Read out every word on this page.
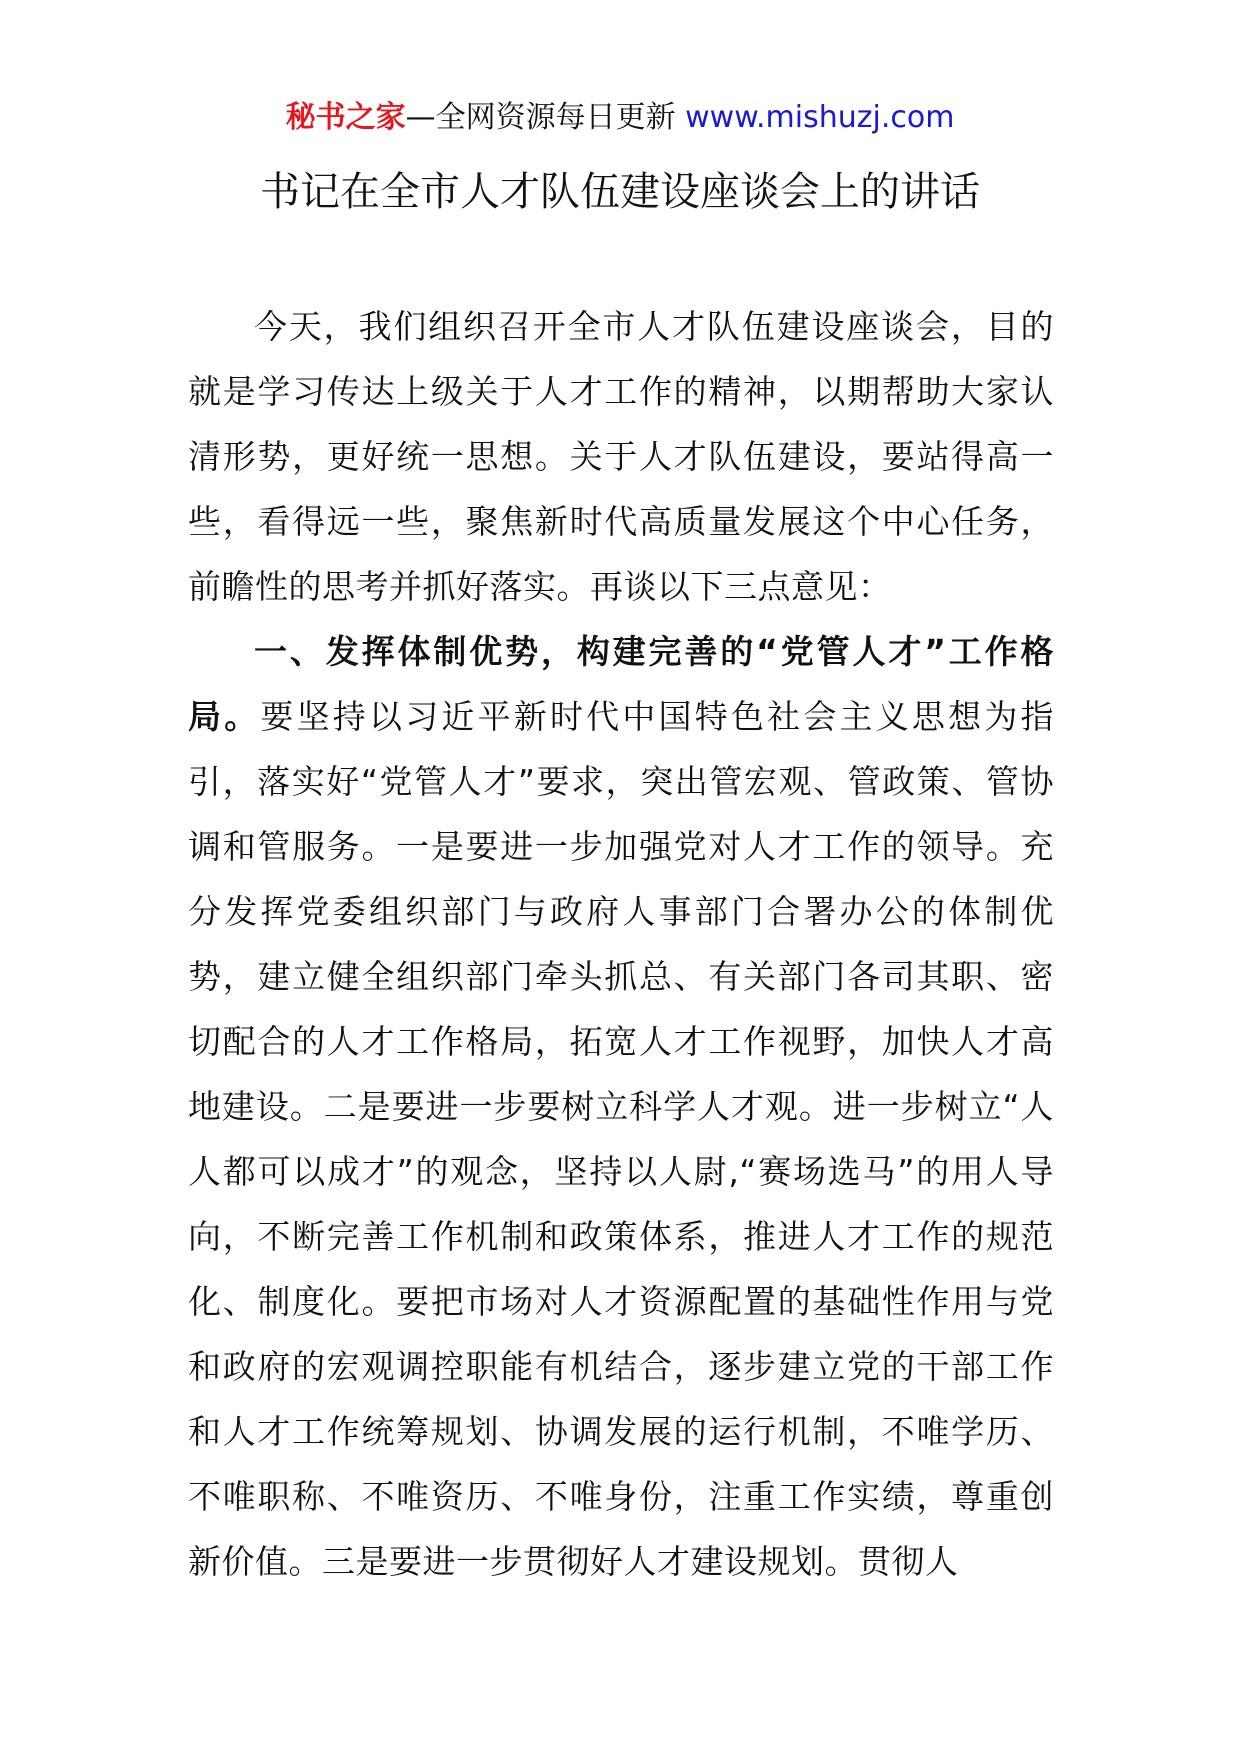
秘书之家—全网资源每日更新 www.mishuzj.com
书记在全市人才队伍建设座谈会上的讲话

今天，我们组织召开全市人才队伍建设座谈会，目的就是学习传达上级关于人才工作的精神，以期帮助大家认清形势，更好统一思想。关于人才队伍建设，要站得高一些，看得远一些，聚焦新时代高质量发展这个中心任务，前瞻性的思考并抓好落实。再谈以下三点意见：

一、发挥体制优势，构建完善的“党管人才”工作格局。要坚持以习近平新时代中国特色社会主义思想为指引，落实好“党管人才”要求，突出管宏观、管政策、管协调和管服务。一是要进一步加强党对人才工作的领导。充分发挥党委组织部门与政府人事部门合署办公的体制优势，建立健全组织部门牵头抓总、有关部门各司其职、密切配合的人才工作格局，拓宽人才工作视野，加快人才高地建设。二是要进一步要树立科学人才观。进一步树立“人人都可以成才”的观念，坚持以人尉,“赛场选马”的用人导向，不断完善工作机制和政策体系，推进人才工作的规范化、制度化。要把市场对人才资源配置的基础性作用与党和政府的宏观调控职能有机结合，逐步建立党的干部工作和人才工作统筹规划、协调发展的运行机制，不唯学历、不唯职称、不唯资历、不唯身份，注重工作实绩，尊重创新价值。三是要进一步贯彻好人才建设规划。贯彻人
